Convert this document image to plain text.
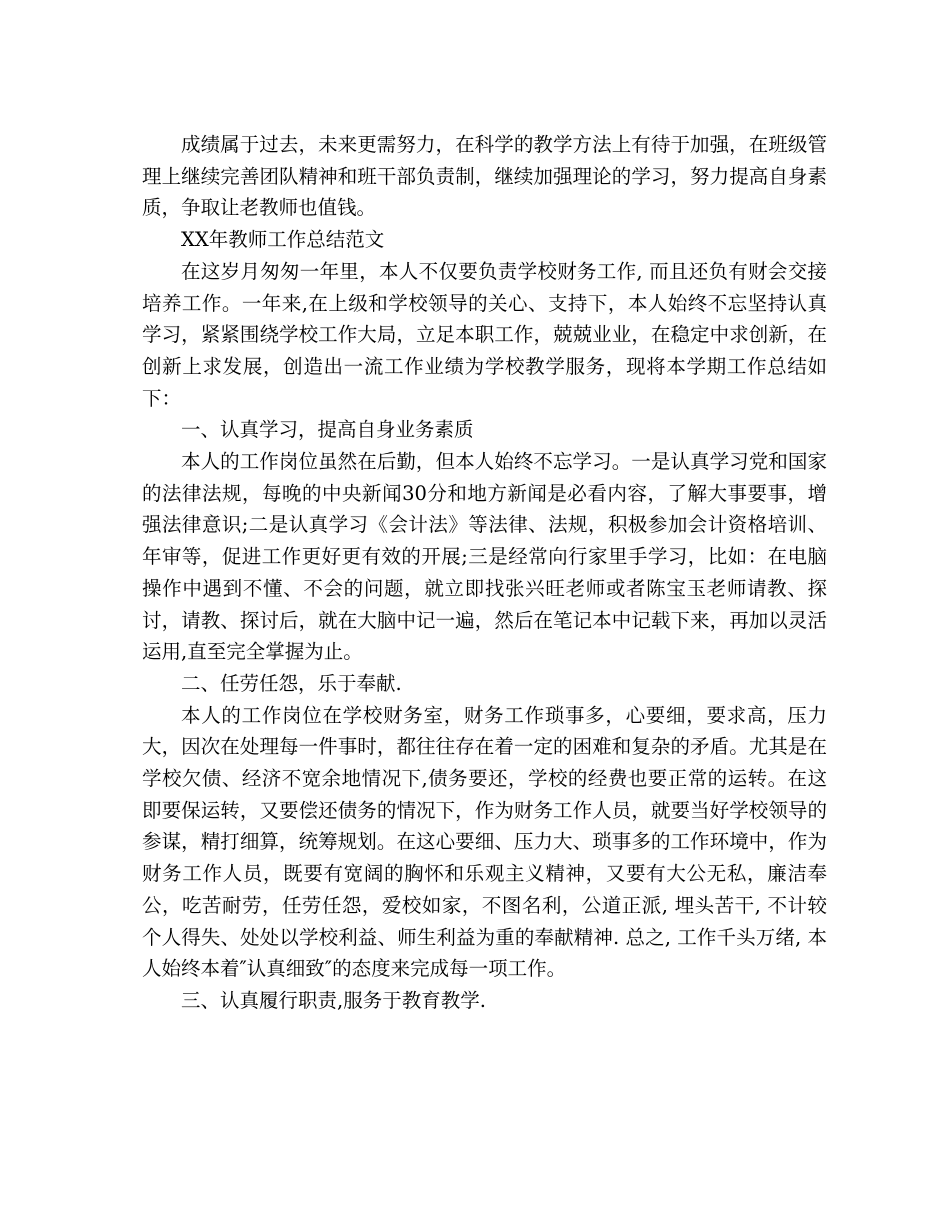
成绩属于过去，未来更需努力，在科学的教学方法上有待于加强，在班级管理上继续完善团队精神和班干部负责制，继续加强理论的学习，努力提高自身素质，争取让老教师也值钱。

XX年教师工作总结范文

在这岁月匆匆一年里，本人不仅要负责学校财务工作, 而且还负有财会交接培养工作。一年来,在上级和学校领导的关心、支持下，本人始终不忘坚持认真学习，紧紧围绕学校工作大局，立足本职工作，兢兢业业，在稳定中求创新，在创新上求发展，创造出一流工作业绩为学校教学服务，现将本学期工作总结如下：

一、认真学习，提高自身业务素质

本人的工作岗位虽然在后勤，但本人始终不忘学习。一是认真学习党和国家的法律法规，每晚的中央新闻30分和地方新闻是必看内容，了解大事要事，增强法律意识;二是认真学习《会计法》等法律、法规，积极参加会计资格培训、年审等，促进工作更好更有效的开展;三是经常向行家里手学习，比如：在电脑操作中遇到不懂、不会的问题，就立即找张兴旺老师或者陈宝玉老师请教、探讨，请教、探讨后，就在大脑中记一遍，然后在笔记本中记载下来，再加以灵活运用,直至完全掌握为止。

二、任劳任怨，乐于奉献.

本人的工作岗位在学校财务室，财务工作琐事多，心要细，要求高，压力大，因次在处理每一件事时，都往往存在着一定的困难和复杂的矛盾。尤其是在学校欠债、经济不宽余地情况下,债务要还，学校的经费也要正常的运转。在这即要保运转，又要偿还债务的情况下，作为财务工作人员，就要当好学校领导的参谋，精打细算，统筹规划。在这心要细、压力大、琐事多的工作环境中，作为财务工作人员，既要有宽阔的胸怀和乐观主义精神，又要有大公无私，廉洁奉公，吃苦耐劳，任劳任怨，爱校如家，不图名利，公道正派, 埋头苦干, 不计较个人得失、处处以学校利益、师生利益为重的奉献精神. 总之, 工作千头万绪, 本人始终本着″认真细致″的态度来完成每一项工作。

三、认真履行职责,服务于教育教学.
